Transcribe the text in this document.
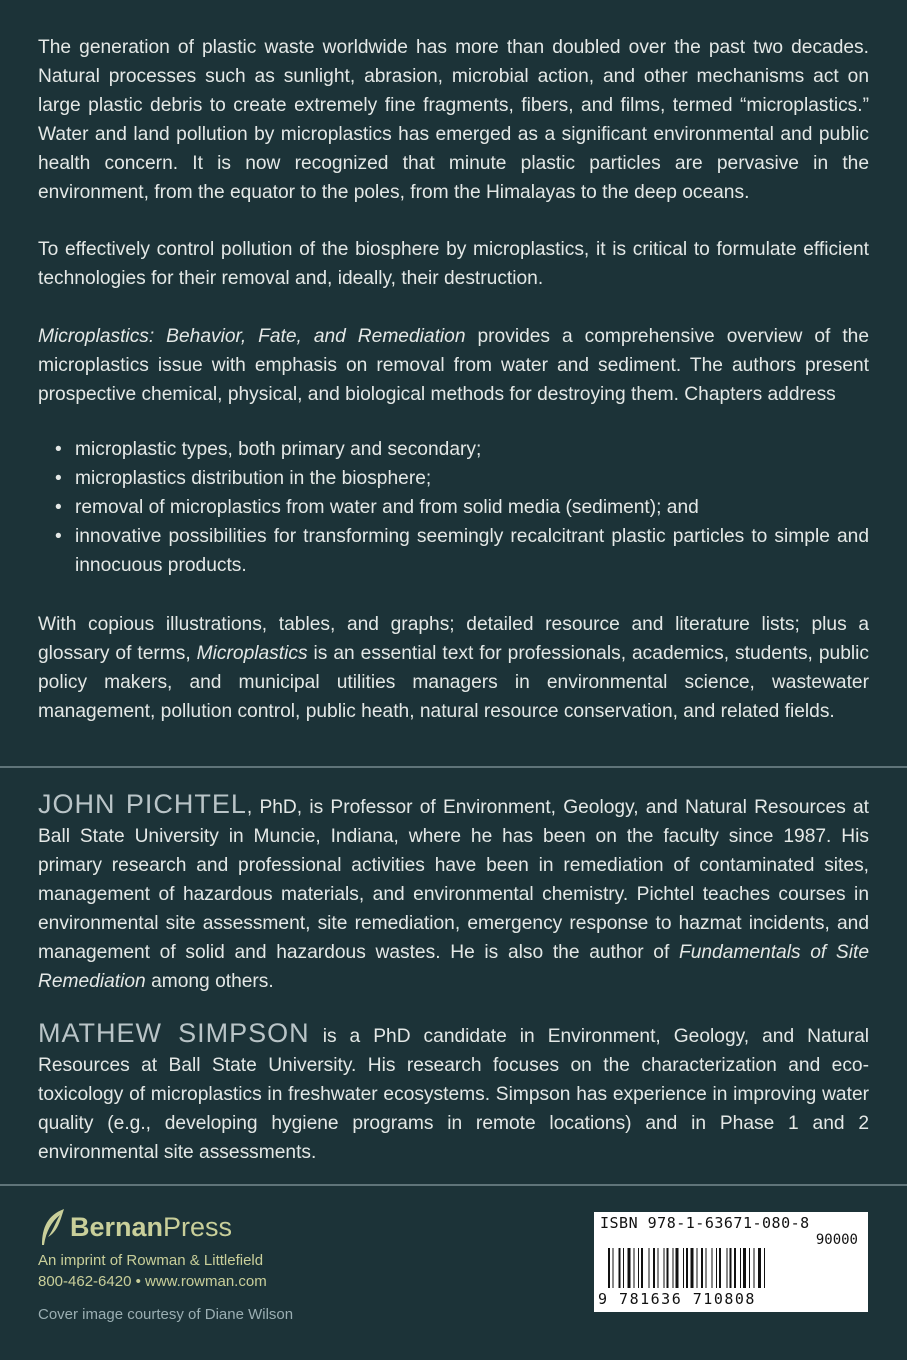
The generation of plastic waste worldwide has more than doubled over the past two decades. Natural processes such as sunlight, abrasion, microbial action, and other mechanisms act on large plastic debris to create extremely fine fragments, fibers, and films, termed “microplastics.” Water and land pollution by microplastics has emerged as a significant environmental and public health concern. It is now recognized that minute plastic particles are pervasive in the environment, from the equator to the poles, from the Himalayas to the deep oceans.

To effectively control pollution of the biosphere by microplastics, it is critical to formulate efficient technologies for their removal and, ideally, their destruction.

Microplastics: Behavior, Fate, and Remediation provides a comprehensive overview of the microplastics issue with emphasis on removal from water and sediment. The authors present prospective chemical, physical, and biological methods for destroying them. Chapters address

• microplastic types, both primary and secondary;
• microplastics distribution in the biosphere;
• removal of microplastics from water and from solid media (sediment); and
• innovative possibilities for transforming seemingly recalcitrant plastic particles to simple and innocuous products.

With copious illustrations, tables, and graphs; detailed resource and literature lists; plus a glossary of terms, Microplastics is an essential text for professionals, academics, students, public policy makers, and municipal utilities managers in environmental science, wastewater management, pollution control, public heath, natural resource conservation, and related fields.

JOHN PICHTEL, PhD, is Professor of Environment, Geology, and Natural Resources at Ball State University in Muncie, Indiana, where he has been on the faculty since 1987. His primary research and professional activities have been in remediation of contaminated sites, management of hazardous materials, and environmental chemistry. Pichtel teaches courses in environmental site assessment, site remediation, emergency response to hazmat incidents, and management of solid and hazardous wastes. He is also the author of Fundamentals of Site Remediation among others.

MATHEW SIMPSON is a PhD candidate in Environment, Geology, and Natural Resources at Ball State University. His research focuses on the characterization and ecotoxicology of microplastics in freshwater ecosystems. Simpson has experience in improving water quality (e.g., developing hygiene programs in remote locations) and in Phase 1 and 2 environmental site assessments.

BernanPress
An imprint of Rowman & Littlefield
800-462-6420 • www.rowman.com
Cover image courtesy of Diane Wilson
ISBN 978-1-63671-080-8
90000
9 781636 710808
